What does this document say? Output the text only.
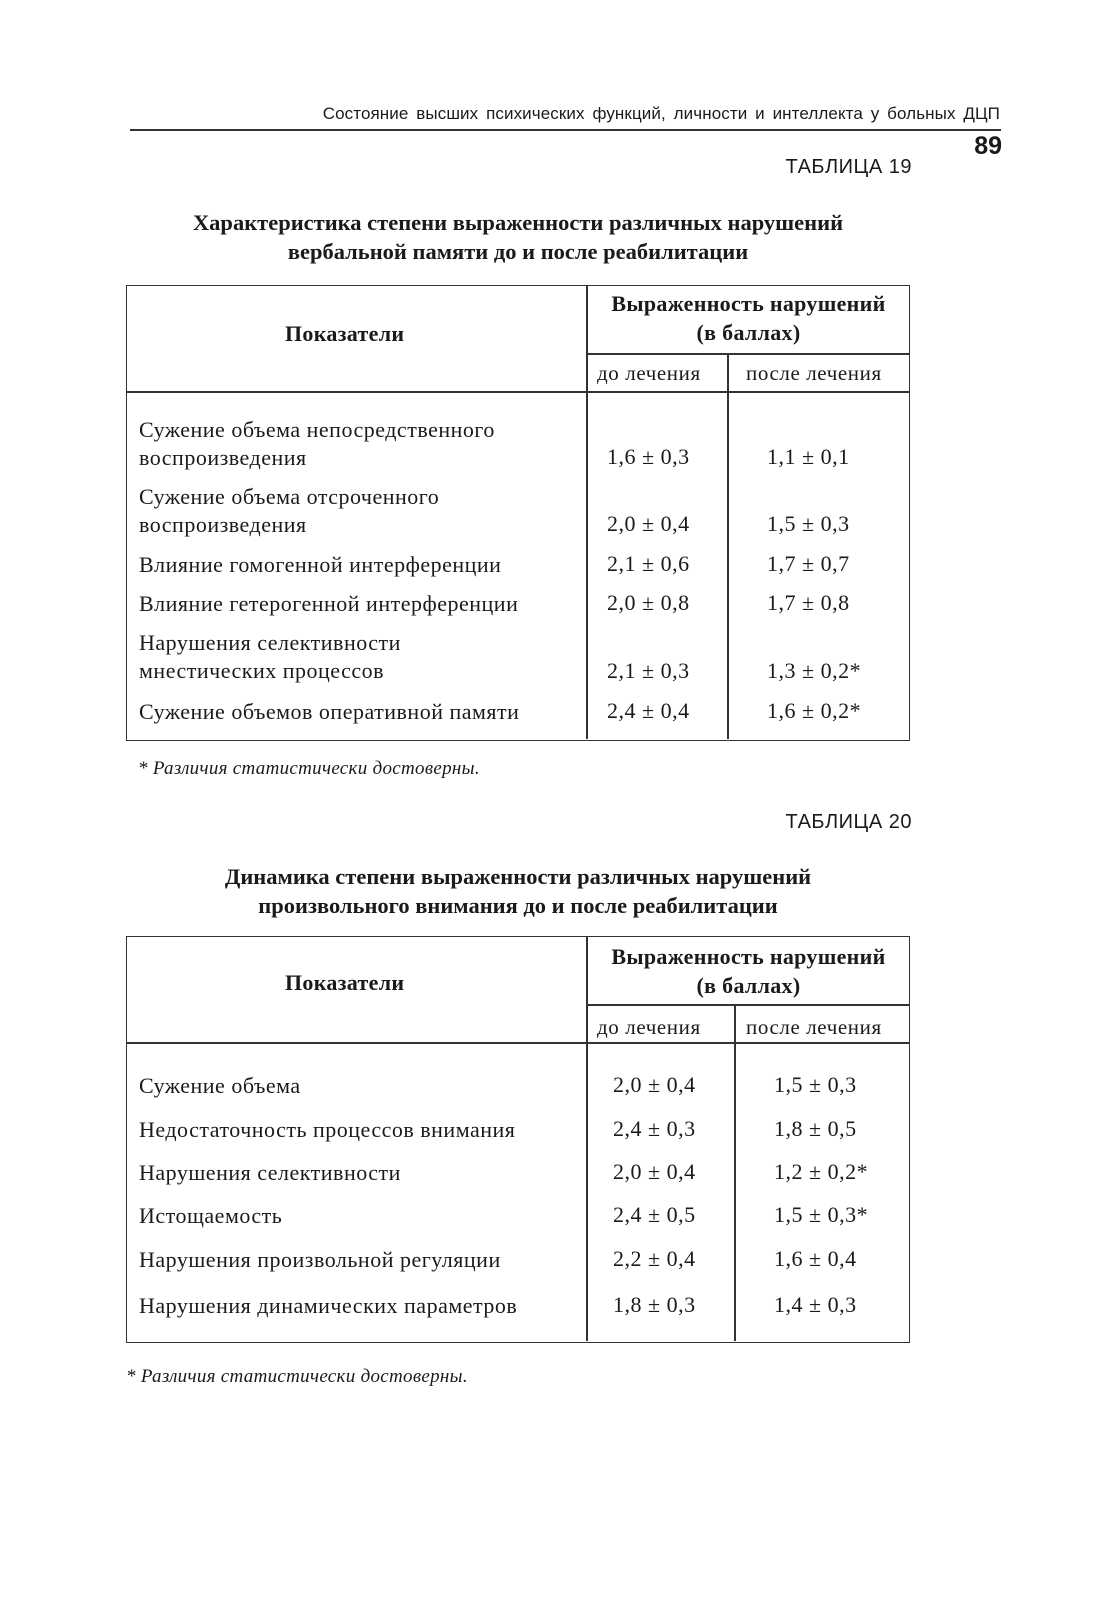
Состояние высших психических функций, личности и интеллекта у больных ДЦП
89
ТАБЛИЦА 19
Характеристика степени выраженности различных нарушений
вербальной памяти до и после реабилитации
Показатели
Выраженность нарушений
(в баллах)
до лечения после лечения
Сужение объема непосредственного
воспроизведения	1,6 ± 0,3	1,1 ± 0,1
Сужение объема отсроченного
воспроизведения	2,0 ± 0,4	1,5 ± 0,3
Влияние гомогенной интерференции	2,1 ± 0,6	1,7 ± 0,7
Влияние гетерогенной интерференции	2,0 ± 0,8	1,7 ± 0,8
Нарушения селективности
мнестических процессов	2,1 ± 0,3	1,3 ± 0,2*
Сужение объемов оперативной памяти	2,4 ± 0,4	1,6 ± 0,2*
* Различия статистически достоверны.
ТАБЛИЦА 20
Динамика степени выраженности различных нарушений
произвольного внимания до и после реабилитации
Показатели
Выраженность нарушений
(в баллах)
до лечения после лечения
Сужение объема	2,0 ± 0,4	1,5 ± 0,3
Недостаточность процессов внимания	2,4 ± 0,3	1,8 ± 0,5
Нарушения селективности	2,0 ± 0,4	1,2 ± 0,2*
Истощаемость	2,4 ± 0,5	1,5 ± 0,3*
Нарушения произвольной регуляции	2,2 ± 0,4	1,6 ± 0,4
Нарушения динамических параметров	1,8 ± 0,3	1,4 ± 0,3
* Различия статистически достоверны.
